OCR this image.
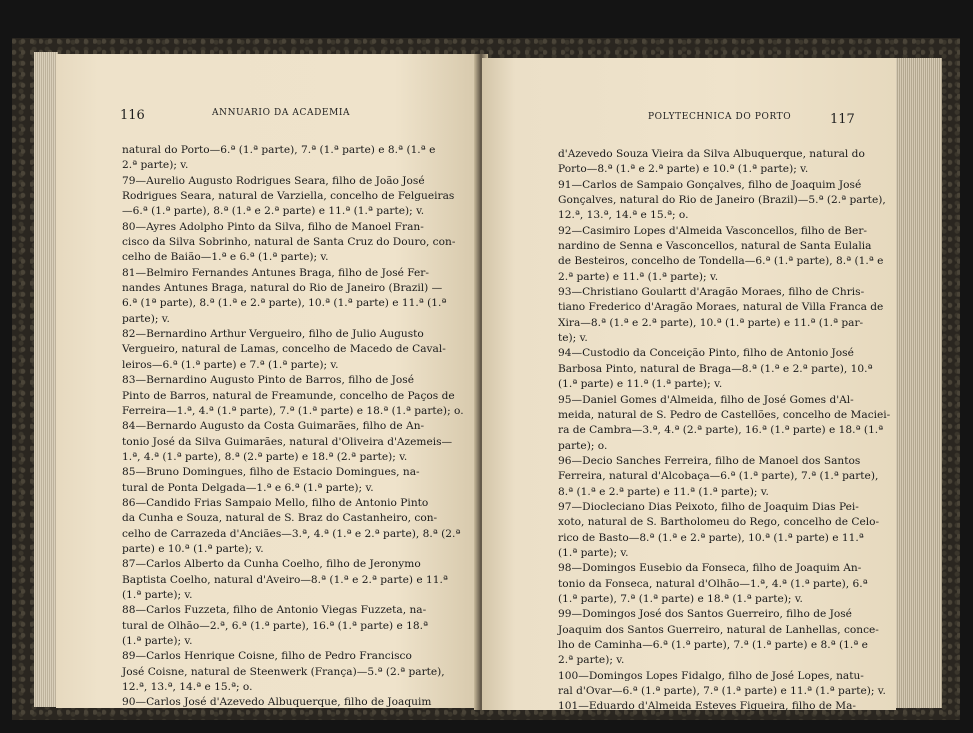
116	ANNUARIO DA ACADEMIA
natural do Porto—6.ª (1.ª parte), 7.ª (1.ª parte) e 8.ª (1.ª e
2.ª parte); v.
79—Aurelio Augusto Rodrigues Seara, filho de João José
Rodrigues Seara, natural de Varziella, concelho de Felgueiras
—6.ª (1.ª parte), 8.ª (1.ª e 2.ª parte) e 11.ª (1.ª parte); v.
80—Ayres Adolpho Pinto da Silva, filho de Manoel Fran-
cisco da Silva Sobrinho, natural de Santa Cruz do Douro, con-
celho de Baião—1.ª e 6.ª (1.ª parte); v.
81—Belmiro Fernandes Antunes Braga, filho de José Fer-
nandes Antunes Braga, natural do Rio de Janeiro (Brazil) —
6.ª (1ª parte), 8.ª (1.ª e 2.ª parte), 10.ª (1.ª parte) e 11.ª (1.ª
parte); v.
82—Bernardino Arthur Vergueiro, filho de Julio Augusto
Vergueiro, natural de Lamas, concelho de Macedo de Caval-
leiros—6.ª (1.ª parte) e 7.ª (1.ª parte); v.
83—Bernardino Augusto Pinto de Barros, filho de José
Pinto de Barros, natural de Freamunde, concelho de Paços de
Ferreira—1.ª, 4.ª (1.ª parte), 7.ª (1.ª parte) e 18.ª (1.ª parte); o.
84—Bernardo Augusto da Costa Guimarães, filho de An-
tonio José da Silva Guimarães, natural d'Oliveira d'Azemeis—
1.ª, 4.ª (1.ª parte), 8.ª (2.ª parte) e 18.ª (2.ª parte); v.
85—Bruno Domingues, filho de Estacio Domingues, na-
tural de Ponta Delgada—1.ª e 6.ª (1.ª parte); v.
86—Candido Frias Sampaio Mello, filho de Antonio Pinto
da Cunha e Souza, natural de S. Braz do Castanheiro, con-
celho de Carrazeda d'Anciães—3.ª, 4.ª (1.ª e 2.ª parte), 8.ª (2.ª
parte) e 10.ª (1.ª parte); v.
87—Carlos Alberto da Cunha Coelho, filho de Jeronymo
Baptista Coelho, natural d'Aveiro—8.ª (1.ª e 2.ª parte) e 11.ª
(1.ª parte); v.
88—Carlos Fuzzeta, filho de Antonio Viegas Fuzzeta, na-
tural de Olhão—2.ª, 6.ª (1.ª parte), 16.ª (1.ª parte) e 18.ª
(1.ª parte); v.
89—Carlos Henrique Coisne, filho de Pedro Francisco
José Coisne, natural de Steenwerk (França)—5.ª (2.ª parte),
12.ª, 13.ª, 14.ª e 15.ª; o.
90—Carlos José d'Azevedo Albuquerque, filho de Joaquim
POLYTECHNICA DO PORTO	117
d'Azevedo Souza Vieira da Silva Albuquerque, natural do
Porto—8.ª (1.ª e 2.ª parte) e 10.ª (1.ª parte); v.
91—Carlos de Sampaio Gonçalves, filho de Joaquim José
Gonçalves, natural do Rio de Janeiro (Brazil)—5.ª (2.ª parte),
12.ª, 13.ª, 14.ª e 15.ª; o.
92—Casimiro Lopes d'Almeida Vasconcellos, filho de Ber-
nardino de Senna e Vasconcellos, natural de Santa Eulalia
de Besteiros, concelho de Tondella—6.ª (1.ª parte), 8.ª (1.ª e
2.ª parte) e 11.ª (1.ª parte); v.
93—Christiano Goulartt d'Aragão Moraes, filho de Chris-
tiano Frederico d'Aragão Moraes, natural de Villa Franca de
Xira—8.ª (1.ª e 2.ª parte), 10.ª (1.ª parte) e 11.ª (1.ª par-
te); v.
94—Custodio da Conceição Pinto, filho de Antonio José
Barbosa Pinto, natural de Braga—8.ª (1.ª e 2.ª parte), 10.ª
(1.ª parte) e 11.ª (1.ª parte); v.
95—Daniel Gomes d'Almeida, filho de José Gomes d'Al-
meida, natural de S. Pedro de Castellões, concelho de Maciei-
ra de Cambra—3.ª, 4.ª (2.ª parte), 16.ª (1.ª parte) e 18.ª (1.ª
parte); o.
96—Decio Sanches Ferreira, filho de Manoel dos Santos
Ferreira, natural d'Alcobaça—6.ª (1.ª parte), 7.ª (1.ª parte),
8.ª (1.ª e 2.ª parte) e 11.ª (1.ª parte); v.
97—Diocleciano Dias Peixoto, filho de Joaquim Dias Pei-
xoto, natural de S. Bartholomeu do Rego, concelho de Celo-
rico de Basto—8.ª (1.ª e 2.ª parte), 10.ª (1.ª parte) e 11.ª
(1.ª parte); v.
98—Domingos Eusebio da Fonseca, filho de Joaquim An-
tonio da Fonseca, natural d'Olhão—1.ª, 4.ª (1.ª parte), 6.ª
(1.ª parte), 7.ª (1.ª parte) e 18.ª (1.ª parte); v.
99—Domingos José dos Santos Guerreiro, filho de José
Joaquim dos Santos Guerreiro, natural de Lanhellas, conce-
lho de Caminha—6.ª (1.ª parte), 7.ª (1.ª parte) e 8.ª (1.ª e
2.ª parte); v.
100—Domingos Lopes Fidalgo, filho de José Lopes, natu-
ral d'Ovar—6.ª (1.ª parte), 7.ª (1.ª parte) e 11.ª (1.ª parte); v.
101—Eduardo d'Almeida Esteves Figueira, filho de Ma-
